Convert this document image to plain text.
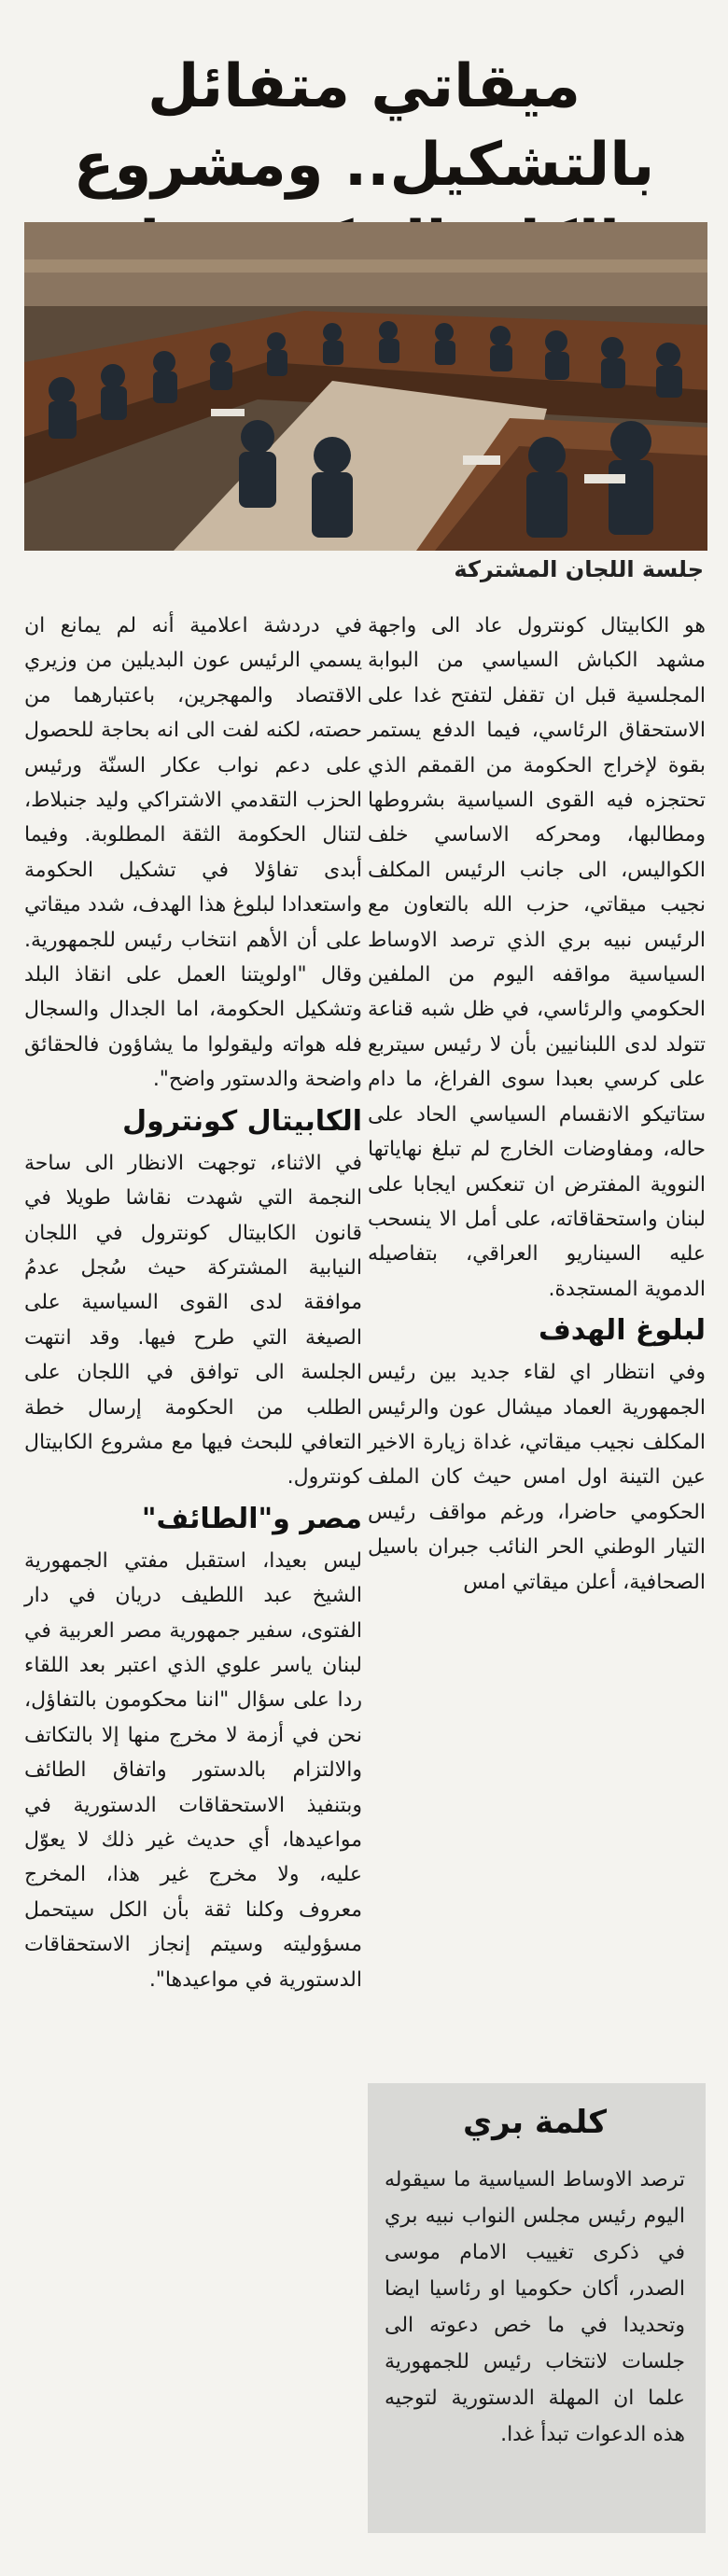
ميقاتي متفائل بالتشكيل.. ومشروع
جلسة اللجان المشتركة

هو الكابيتال كونترول عاد الى واجهة مشهد الكباش السياسي من البوابة المجلسية قبل ان تقفل لتفتح غدا على الاستحقاق الرئاسي، فيما الدفع يستمر بقوة لإخراج الحكومة من القمقم الذي تحتجزه فيه القوى السياسية بشروطها ومطالبها، ومحركه الاساسي خلف الكواليس، الى جانب الرئيس المكلف نجيب ميقاتي، حزب الله بالتعاون مع الرئيس نبيه بري الذي ترصد الاوساط السياسية مواقفه اليوم من الملفين الحكومي والرئاسي، في ظل شبه قناعة تتولد لدى اللبنانيين بأن لا رئيس سيتربع على كرسي بعبدا سوى الفراغ، ما دام ستاتيكو الانقسام السياسي الحاد على حاله، ومفاوضات الخارج لم تبلغ نهاياتها النووية المفترض ان تنعكس ايجابا على لبنان واستحقاقاته، على أمل الا ينسحب عليه السيناريو العراقي، بتفاصيله الدموية المستجدة.

لبلوغ الهدف

وفي انتظار اي لقاء جديد بين رئيس الجمهورية العماد ميشال عون والرئيس المكلف نجيب ميقاتي، غداة زيارة الاخير عين التينة اول امس حيث كان الملف الحكومي حاضرا، ورغم مواقف رئيس التيار الوطني الحر النائب جبران باسيل الصحافية، أعلن ميقاتي امس

في دردشة اعلامية أنه لم يمانع ان يسمي الرئيس عون البديلين من وزيري الاقتصاد والمهجرين، باعتبارهما من حصته، لكنه لفت الى انه بحاجة للحصول على دعم نواب عكار السنّة ورئيس الحزب التقدمي الاشتراكي وليد جنبلاط، لتنال الحكومة الثقة المطلوبة. وفيما أبدى تفاؤلا في تشكيل الحكومة واستعدادا لبلوغ هذا الهدف، شدد ميقاتي على أن الأهم انتخاب رئيس للجمهورية. وقال "اولويتنا العمل على انقاذ البلد وتشكيل الحكومة، اما الجدال والسجال فله هواته وليقولوا ما يشاؤون فالحقائق واضحة والدستور واضح".

الكابيتال كونترول

في الاثناء، توجهت الانظار الى ساحة النجمة التي شهدت نقاشا طويلا في قانون الكابيتال كونترول في اللجان النيابية المشتركة حيث سُجل عدمُ موافقة لدى القوى السياسية على الصيغة التي طرح فيها. وقد انتهت الجلسة الى توافق في اللجان على الطلب من الحكومة إرسال خطة التعافي للبحث فيها مع مشروع الكابيتال كونترول.

مصر و"الطائف"

ليس بعيدا، استقبل مفتي الجمهورية الشيخ عبد اللطيف دريان في دار الفتوى، سفير جمهورية مصر العربية في لبنان ياسر علوي الذي اعتبر بعد اللقاء ردا على سؤال "اننا محكومون بالتفاؤل، نحن في أزمة لا مخرج منها إلا بالتكاتف والالتزام بالدستور واتفاق الطائف وبتنفيذ الاستحقاقات الدستورية في مواعيدها، أي حديث غير ذلك لا يعوّل عليه، ولا مخرج غير هذا، المخرج معروف وكلنا ثقة بأن الكل سيتحمل مسؤوليته وسيتم إنجاز الاستحقاقات الدستورية في مواعيدها".

كلمة بري

ترصد الاوساط السياسية ما سيقوله اليوم رئيس مجلس النواب نبيه بري في ذكرى تغييب الامام موسى الصدر، أكان حكوميا او رئاسيا ايضا وتحديدا في ما خص دعوته الى جلسات لانتخاب رئيس للجمهورية علما ان المهلة الدستورية لتوجيه هذه الدعوات تبدأ غدا.
